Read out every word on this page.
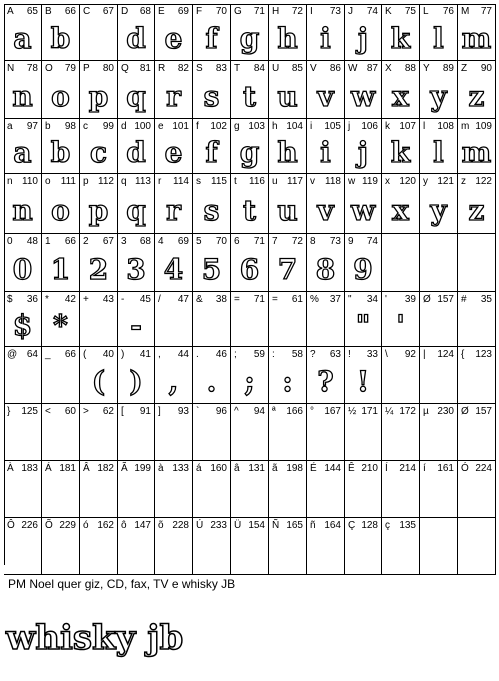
A 65
a
B 66
b
C 67 D 68
d
E 69
e
F 70
f
G 71
g
H 72
h
I 73
i
J 74
j
K 75
k
L 76
l
M 77
m
N 78
n
O 79
o
P 80
p
Q 81
q
R 82
r
S 83
s
T 84
t
U 85
u
V 86
v
W 87
w
X 88
x
Y 89
y
Z 90
z
a 97
a
b 98
b
c 99
c
d 100
d
e 101
e
f 102
f
g 103
g
h 104
h
i 105
i
j 106
j
k 107
k
l 108
l
m 109
m
n 110
n
o 111
o
p 112
p
q 113
q
r 114
r
s 115
s
t 116
t
u 117
u
v 118
v
w 119
w
x 120
x
y 121
y
z 122
z
0 48
0
1 66
1
2 67
2
3 68
3
4 69
4
5 70
5
6 71
6
7 72
7
8 73
8
9 74
9
$ 36
$
* 42
*
+ 43 - 45
-
/ 47 & 38 = 71 = 61 % 37 " 34
"
' 39
'
Ø 157 # 35
@ 64 _ 66 ( 40
(
) 41
)
, 44
,
. 46
.
; 59
;
: 58
:
? 63
?
! 33
!
\ 92 | 124 { 123
} 125 < 60 > 62 [ 91 ] 93 ` 96 ^ 94 ª 166 ° 167 ½ 171 ¼ 172 µ 230 Ø 157
À 183 Á 181 Â 182 Ã 199 à 133 á 160 â 131 ã 198 É 144 Ê 210 Í 214 í 161 Ó 224
Ô 226 Õ 229 ó 162 ô 147 õ 228 Ú 233 Ü 154 Ñ 165 ñ 164 Ç 128 ç 135
PM Noel quer giz, CD, fax, TV e whisky JB
whisky jb
